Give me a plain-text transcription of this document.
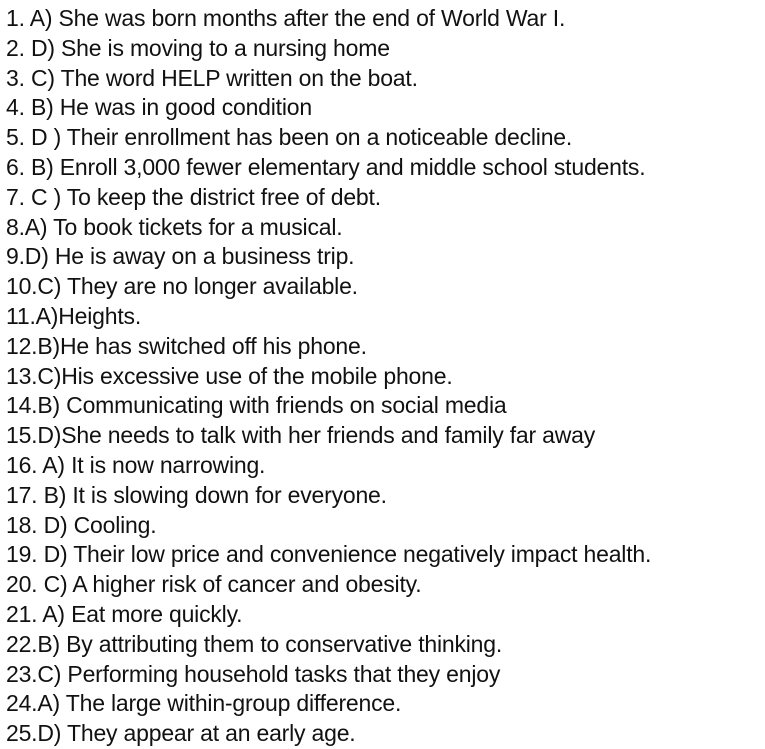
1. A) She was born months after the end of World War I.
2. D) She is moving to a nursing home
3. C) The word HELP written on the boat.
4. B) He was in good condition
5. D ) Their enrollment has been on a noticeable decline.
6. B) Enroll 3,000 fewer elementary and middle school students.
7. C ) To keep the district free of debt.
8.A) To book tickets for a musical.
9.D) He is away on a business trip.
10.C) They are no longer available.
11.A)Heights.
12.B)He has switched off his phone.
13.C)His excessive use of the mobile phone.
14.B) Communicating with friends on social media
15.D)She needs to talk with her friends and family far away
16. A) It is now narrowing.
17. B) It is slowing down for everyone.
18. D) Cooling.
19. D) Their low price and convenience negatively impact health.
20. C) A higher risk of cancer and obesity.
21. A) Eat more quickly.
22.B) By attributing them to conservative thinking.
23.C) Performing household tasks that they enjoy
24.A) The large within-group difference.
25.D) They appear at an early age.
